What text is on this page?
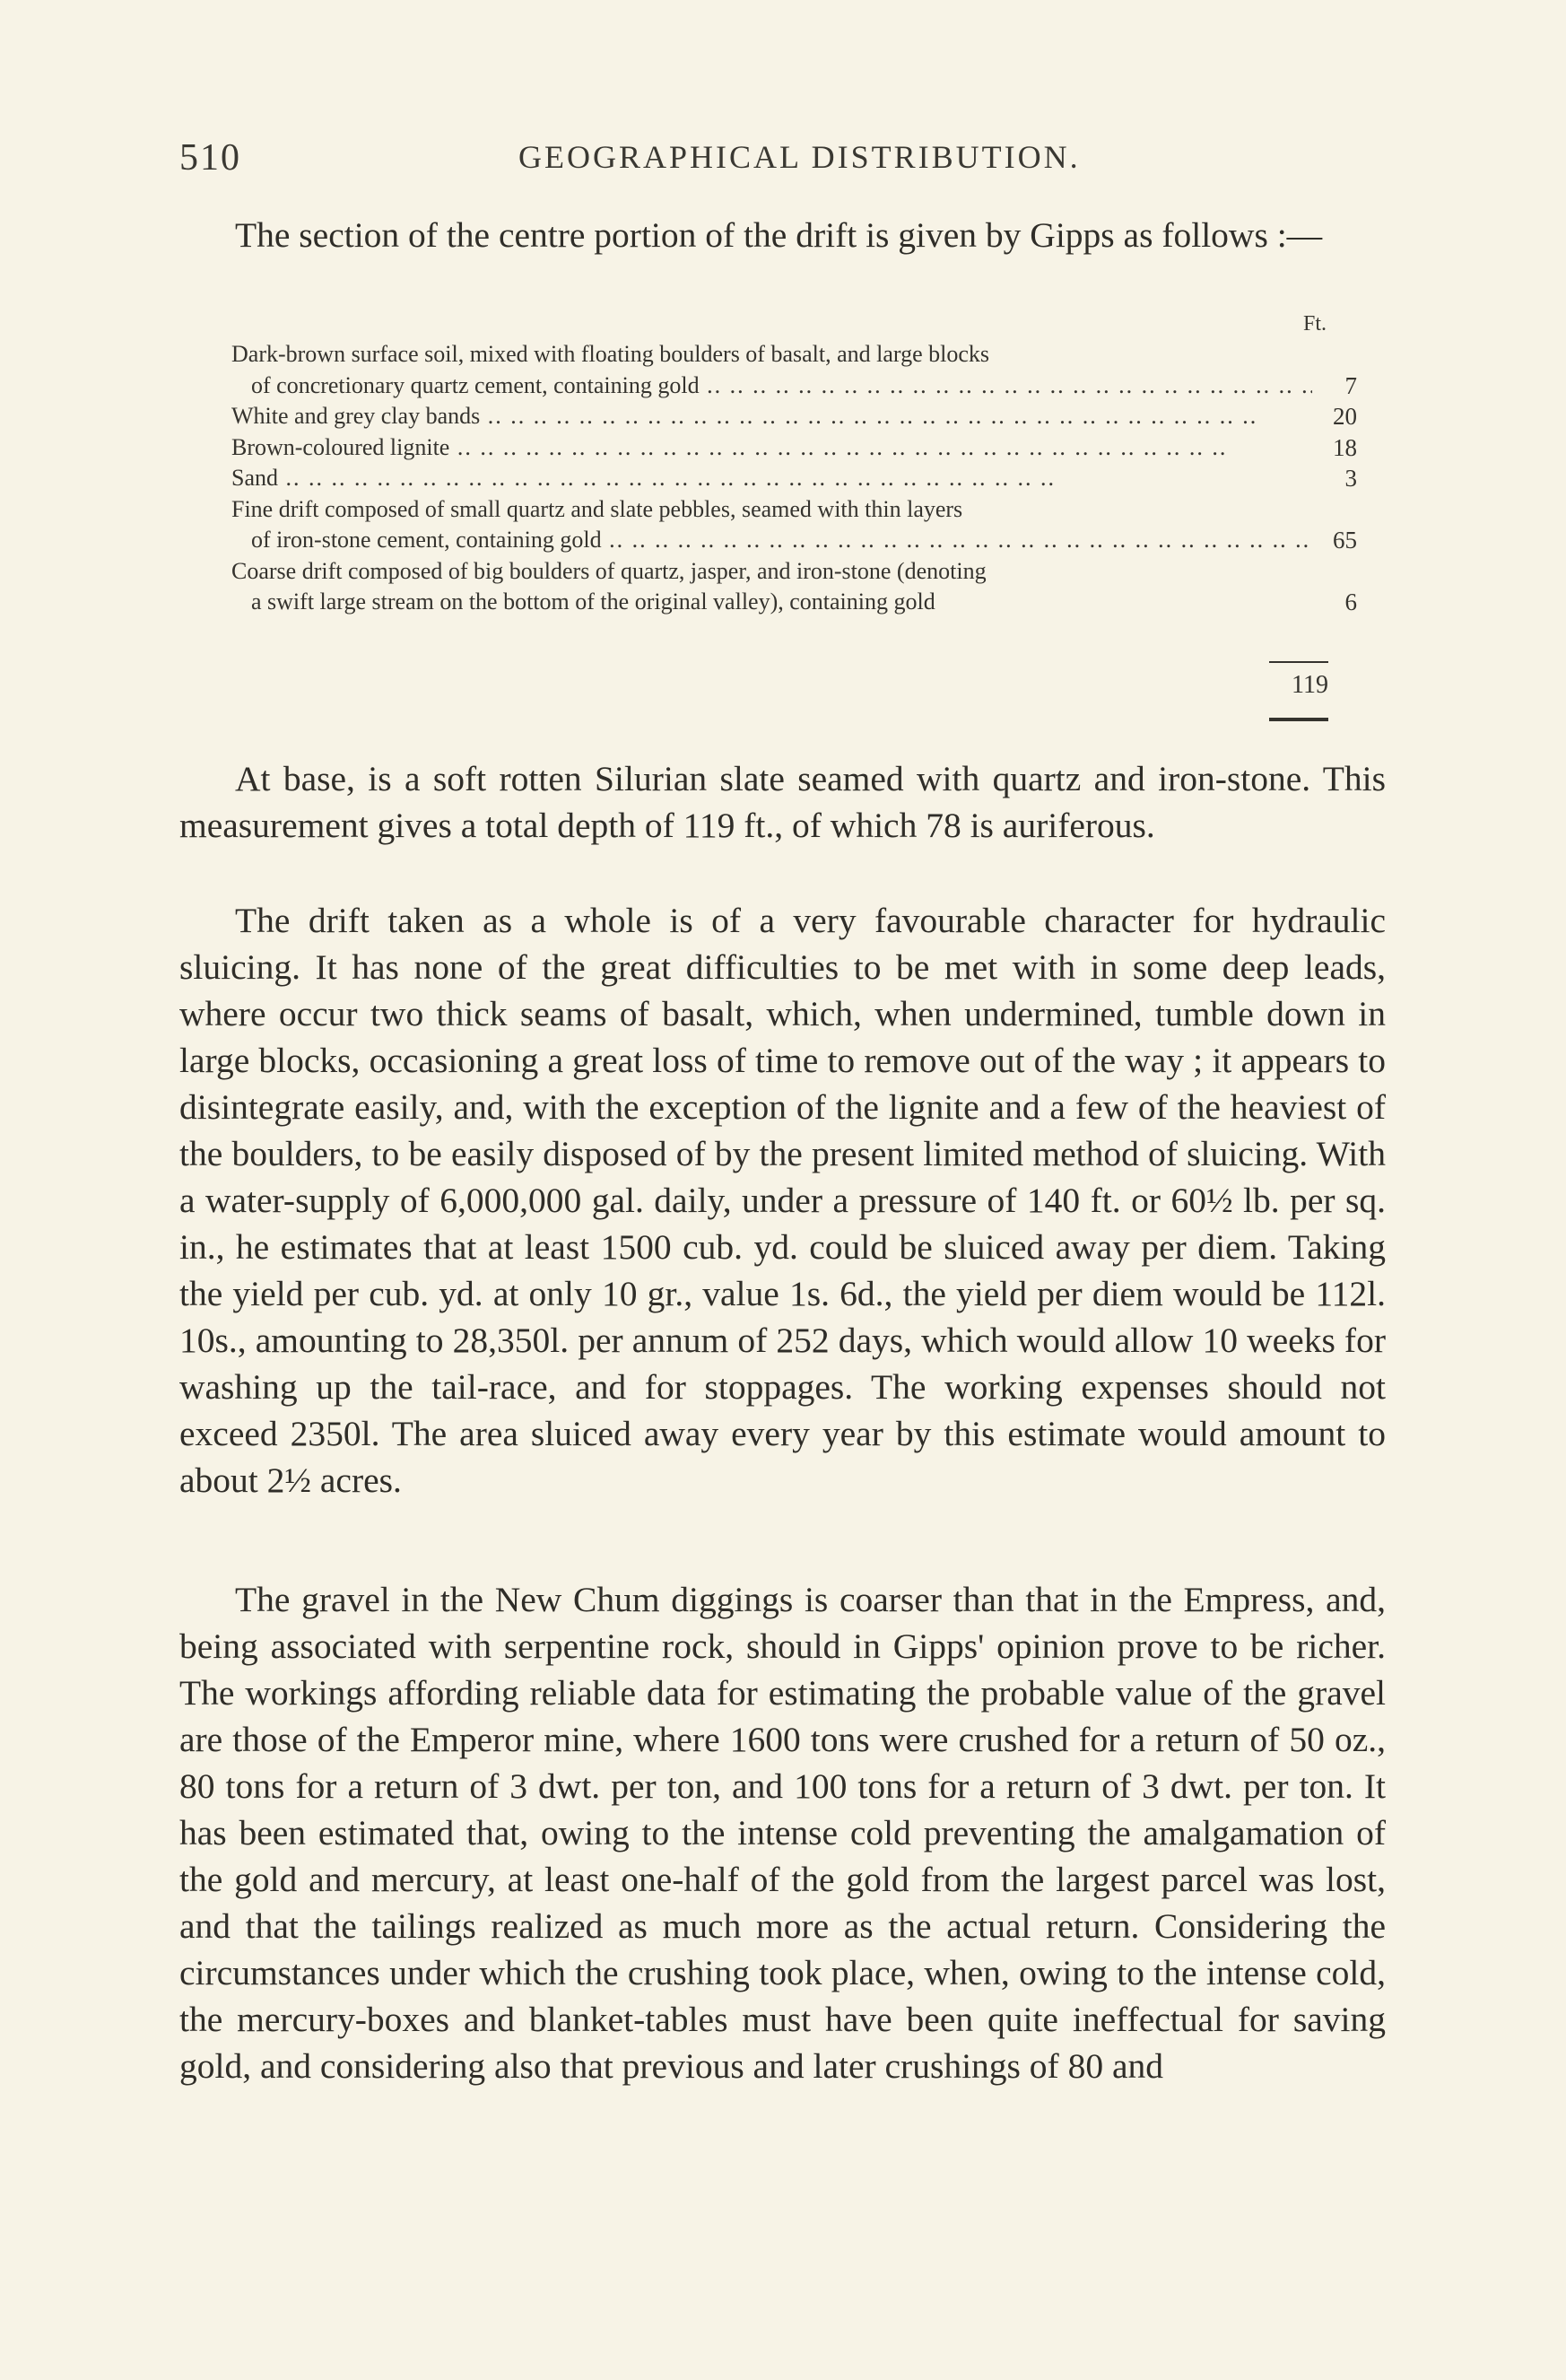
510	GEOGRAPHICAL DISTRIBUTION.

The section of the centre portion of the drift is given by Gipps as follows :—

Ft.
Dark-brown surface soil, mixed with floating boulders of basalt, and large blocks
of concretionary quartz cement, containing gold .. ..	7
White and grey clay bands .. ..	20
Brown-coloured lignite .. ..	18
Sand .. ..	3
Fine drift composed of small quartz and slate pebbles, seamed with thin layers
of iron-stone cement, containing gold .. ..	65
Coarse drift composed of big boulders of quartz, jasper, and iron-stone (denoting
a swift large stream on the bottom of the original valley), containing gold	6
119

At base, is a soft rotten Silurian slate seamed with quartz and iron-stone. This measurement gives a total depth of 119 ft., of which 78 is auriferous.

The drift taken as a whole is of a very favourable character for hydraulic sluicing. It has none of the great difficulties to be met with in some deep leads, where occur two thick seams of basalt, which, when undermined, tumble down in large blocks, occasioning a great loss of time to remove out of the way ; it appears to disintegrate easily, and, with the exception of the lignite and a few of the heaviest of the boulders, to be easily disposed of by the present limited method of sluicing. With a water-supply of 6,000,000 gal. daily, under a pressure of 140 ft. or 60½ lb. per sq. in., he estimates that at least 1500 cub. yd. could be sluiced away per diem. Taking the yield per cub. yd. at only 10 gr., value 1s. 6d., the yield per diem would be 112l. 10s., amounting to 28,350l. per annum of 252 days, which would allow 10 weeks for washing up the tail-race, and for stoppages. The working expenses should not exceed 2350l. The area sluiced away every year by this estimate would amount to about 2½ acres.

The gravel in the New Chum diggings is coarser than that in the Empress, and, being associated with serpentine rock, should in Gipps' opinion prove to be richer. The workings affording reliable data for estimating the probable value of the gravel are those of the Emperor mine, where 1600 tons were crushed for a return of 50 oz., 80 tons for a return of 3 dwt. per ton, and 100 tons for a return of 3 dwt. per ton. It has been estimated that, owing to the intense cold preventing the amalgamation of the gold and mercury, at least one-half of the gold from the largest parcel was lost, and that the tailings realized as much more as the actual return. Considering the circumstances under which the crushing took place, when, owing to the intense cold, the mercury-boxes and blanket-tables must have been quite ineffectual for saving gold, and considering also that previous and later crushings of 80 and
